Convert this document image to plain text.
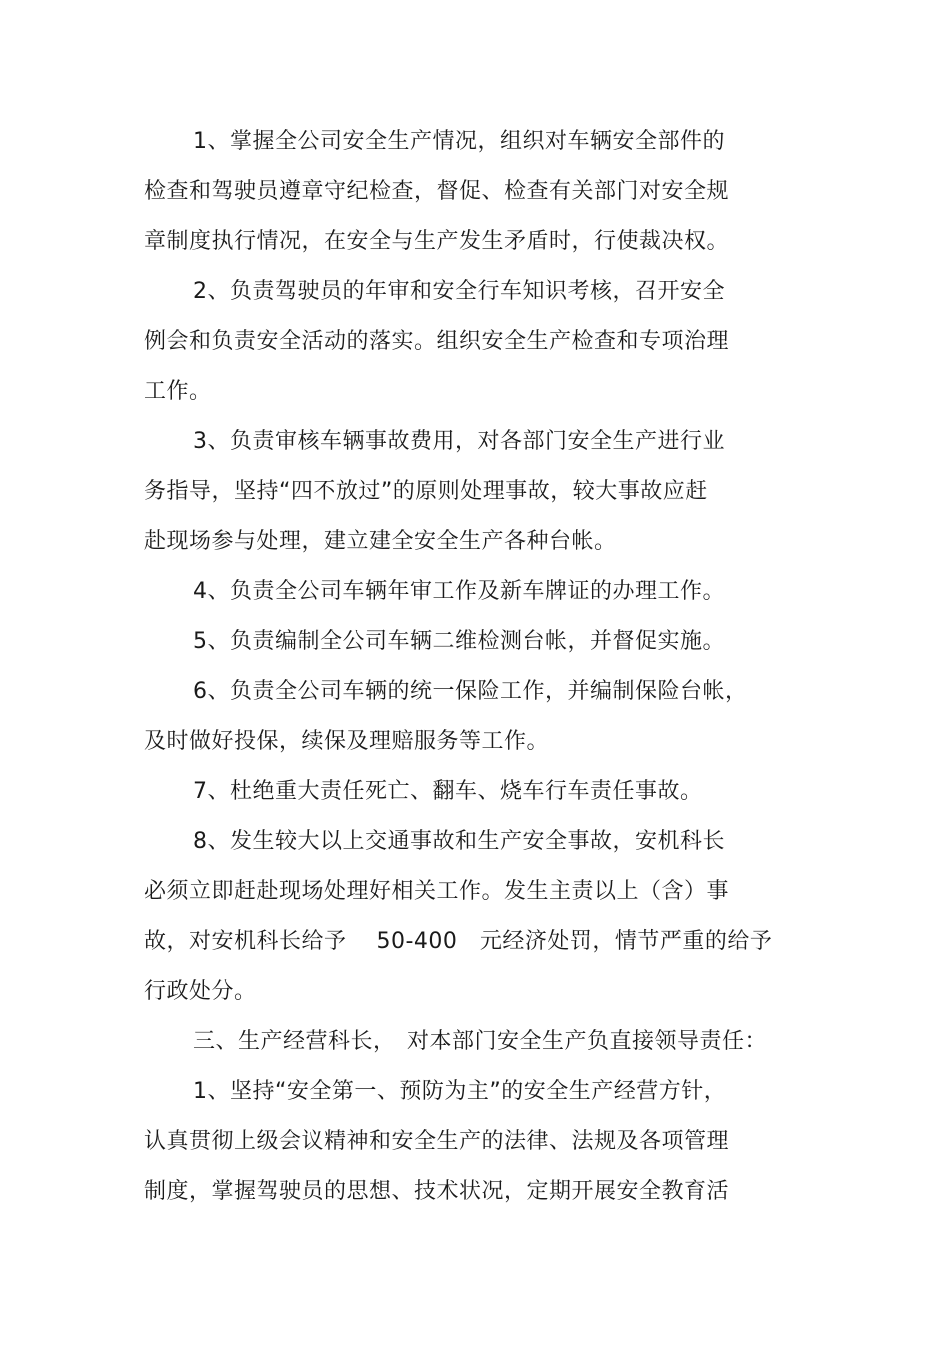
1、掌握全公司安全生产情况，组织对车辆安全部件的
检查和驾驶员遵章守纪检查，督促、检查有关部门对安全规
章制度执行情况，在安全与生产发生矛盾时，行使裁决权。
2、负责驾驶员的年审和安全行车知识考核，召开安全
例会和负责安全活动的落实。组织安全生产检查和专项治理
工作。
3、负责审核车辆事故费用，对各部门安全生产进行业
务指导，坚持“四不放过”的原则处理事故，较大事故应赶
赴现场参与处理，建立建全安全生产各种台帐。
4、负责全公司车辆年审工作及新车牌证的办理工作。
5、负责编制全公司车辆二维检测台帐，并督促实施。
6、负责全公司车辆的统一保险工作，并编制保险台帐，
及时做好投保，续保及理赔服务等工作。
7、杜绝重大责任死亡、翻车、烧车行车责任事故。
8、发生较大以上交通事故和生产安全事故，安机科长
必须立即赶赴现场处理好相关工作。发生主责以上（含）事
故，对安机科长给予　 50-400　元经济处罚，情节严重的给予
行政处分。
三、生产经营科长，　对本部门安全生产负直接领导责任：
1、坚持“安全第一、预防为主”的安全生产经营方针，
认真贯彻上级会议精神和安全生产的法律、法规及各项管理
制度，掌握驾驶员的思想、技术状况，定期开展安全教育活
